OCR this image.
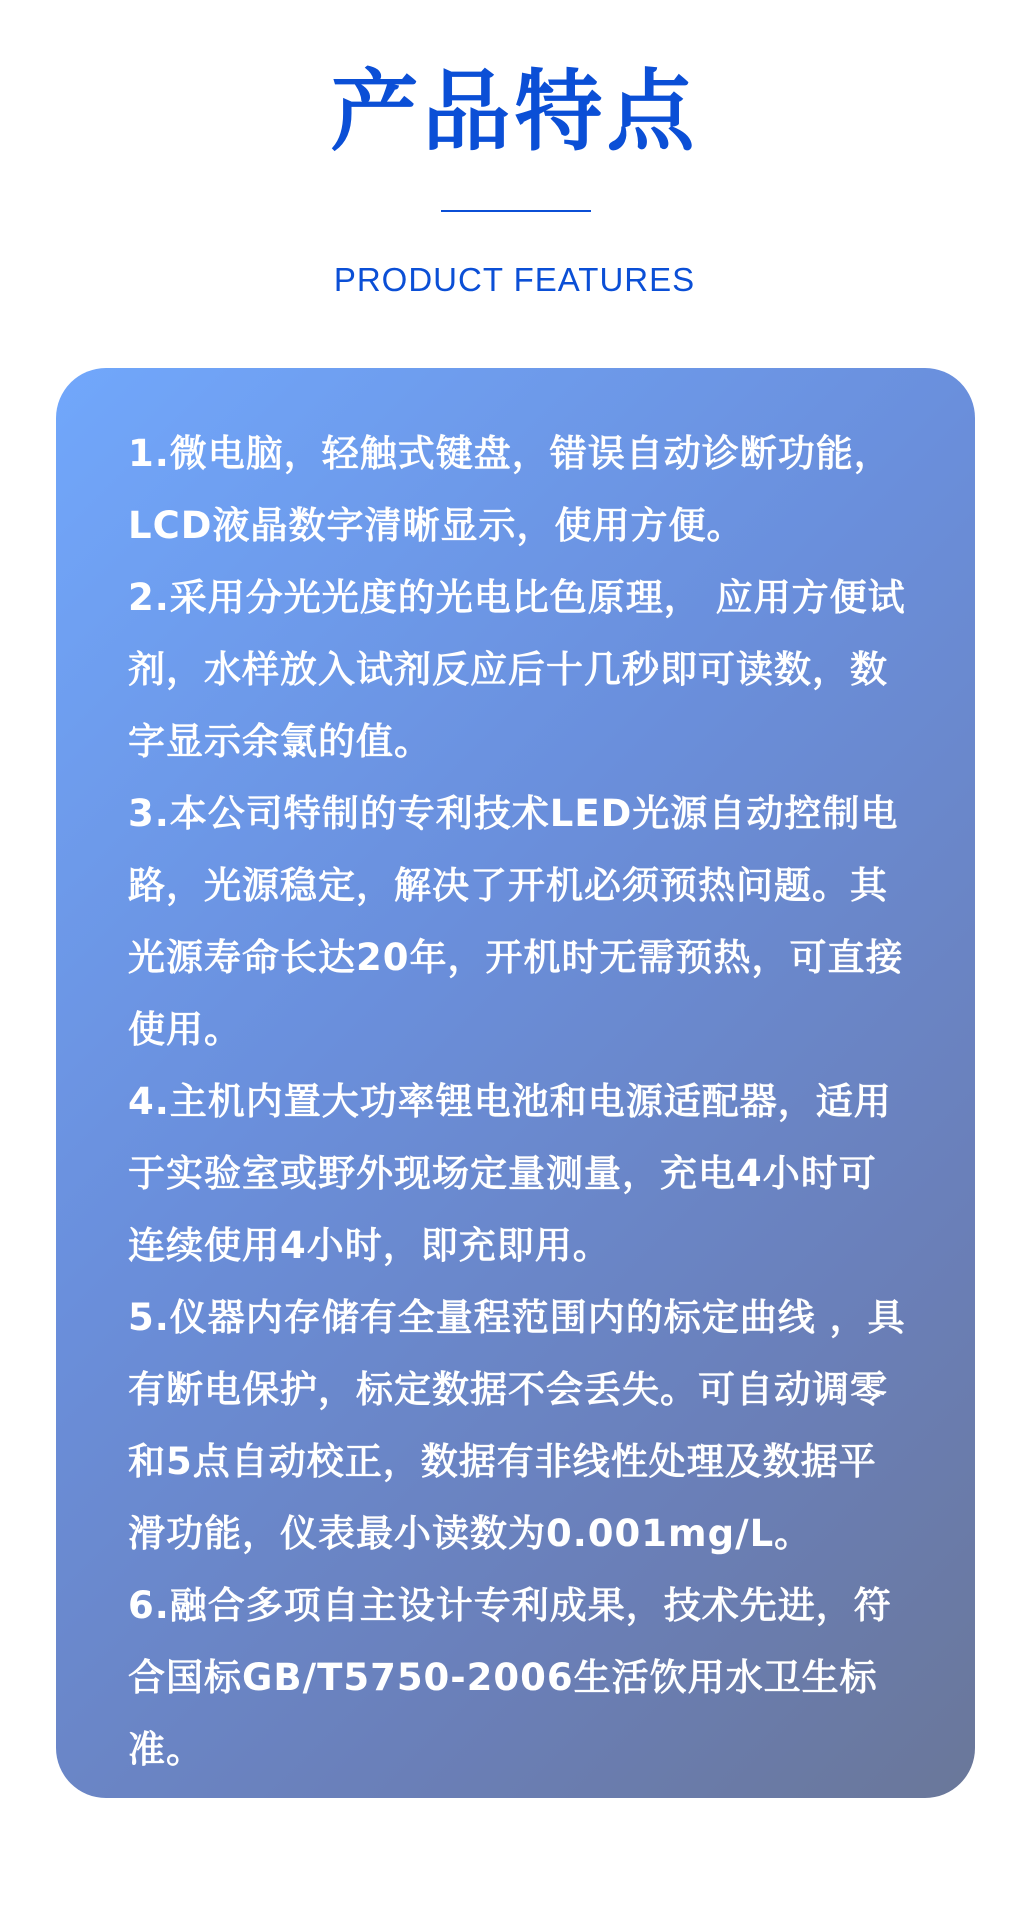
产品特点
PRODUCT FEATURES

1.微电脑，轻触式键盘，错误自动诊断功能，LCD液晶数字清晰显示，使用方便。

2.采用分光光度的光电比色原理， 应用方便试剂，水样放入试剂反应后十几秒即可读数，数字显示余氯的值。

3.本公司特制的专利技术LED光源自动控制电路，光源稳定，解决了开机必须预热问题。其光源寿命长达20年，开机时无需预热，可直接使用。

4.主机内置大功率锂电池和电源适配器，适用于实验室或野外现场定量测量，充电4小时可连续使用4小时，即充即用。

5.仪器内存储有全量程范围内的标定曲线 ，具有断电保护，标定数据不会丢失。可自动调零和5点自动校正，数据有非线性处理及数据平滑功能，仪表最小读数为0.001mg/L。

6.融合多项自主设计专利成果，技术先进，符合国标GB/T5750-2006生活饮用水卫生标准。
